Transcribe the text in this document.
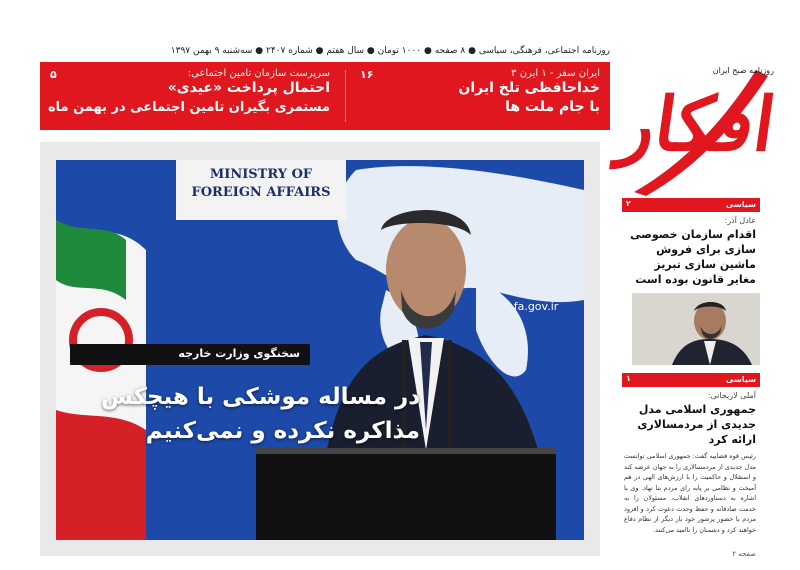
روزنامه اجتماعی، فرهنگی، سیاسی ● ۸ صفحه ● ۱۰۰۰ تومان ● سال هفتم ● شماره ۲۴۰۷ ● سه‌شنبه ۹ بهمن ۱۳۹۷
ایران سفر - ۱ ایرن ۳
خداحافظی تلخ ایران
با جام ملت ها
۱۶
سرپرست سازمان تامین اجتماعی:
احتمال پرداخت «عیدی»
مستمری بگیران تامین اجتماعی در بهمن ماه
۵	روزنامه صبح ایران
افکار
MINISTRY OF
FOREIGN AFFAIRS
fa.gov.ir
سخنگوی وزارت خارجه
در مساله موشکی با هیچکس
مذاکره نکرده و نمی‌کنیم
سیاسی
۲
عادل آذر:
اقدام سازمان خصوصی سازی برای فروش ماشین سازی تبریز مغایر قانون بوده است
سیاسی
۱
آملی لاریجانی:
جمهوری اسلامی مدل جدیدی از مردمسالاری ارائه کرد
رئیس قوه قضاییه گفت: جمهوری اسلامی توانست مدل جدیدی از مردمسالاری را به جهان عرضه کند و استقلال و حاکمیت را با ارزش‌های الهی در هم آمیخت و نظامی بر پایه رای مردم بنا نهاد. وی با اشاره به دستاوردهای انقلاب، مسئولان را به خدمت صادقانه و حفظ وحدت دعوت کرد و افزود مردم با حضور پرشور خود بار دیگر از نظام دفاع خواهند کرد و دشمنان را ناامید می‌کنند.
صفحه ۲
